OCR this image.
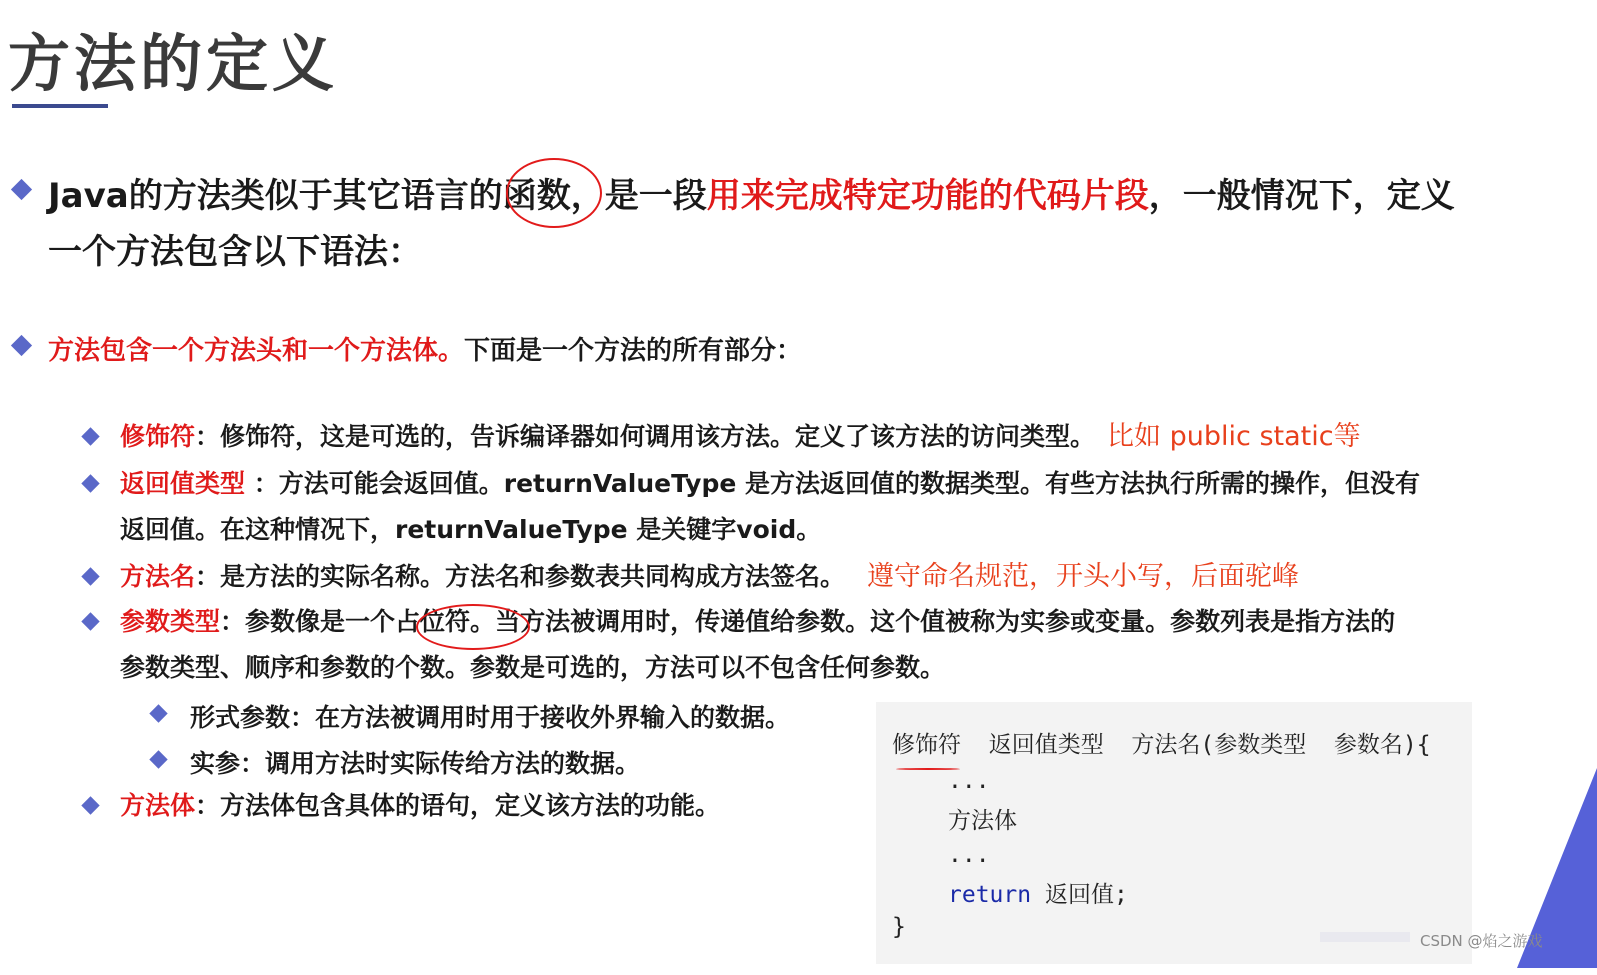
方法的定义
Java的方法类似于其它语言的函数，是一段用来完成特定功能的代码片段，一般情况下，定义
一个方法包含以下语法：
方法包含一个方法头和一个方法体。下面是一个方法的所有部分：
修饰符：修饰符，这是可选的，告诉编译器如何调用该方法。定义了该方法的访问类型。 比如 public static等
返回值类型 ：方法可能会返回值。returnValueType 是方法返回值的数据类型。有些方法执行所需的操作，但没有
返回值。在这种情况下，returnValueType 是关键字void。
方法名：是方法的实际名称。方法名和参数表共同构成方法签名。 遵守命名规范，开头小写，后面驼峰
参数类型：参数像是一个占位符。当方法被调用时，传递值给参数。这个值被称为实参或变量。参数列表是指方法的
参数类型、顺序和参数的个数。参数是可选的，方法可以不包含任何参数。
形式参数：在方法被调用时用于接收外界输入的数据。
实参：调用方法时实际传给方法的数据。
方法体：方法体包含具体的语句，定义该方法的功能。
修饰符  返回值类型  方法名(参数类型  参数名){
...
方法体
...
return 返回值;
}
CSDN @焰之游戏
